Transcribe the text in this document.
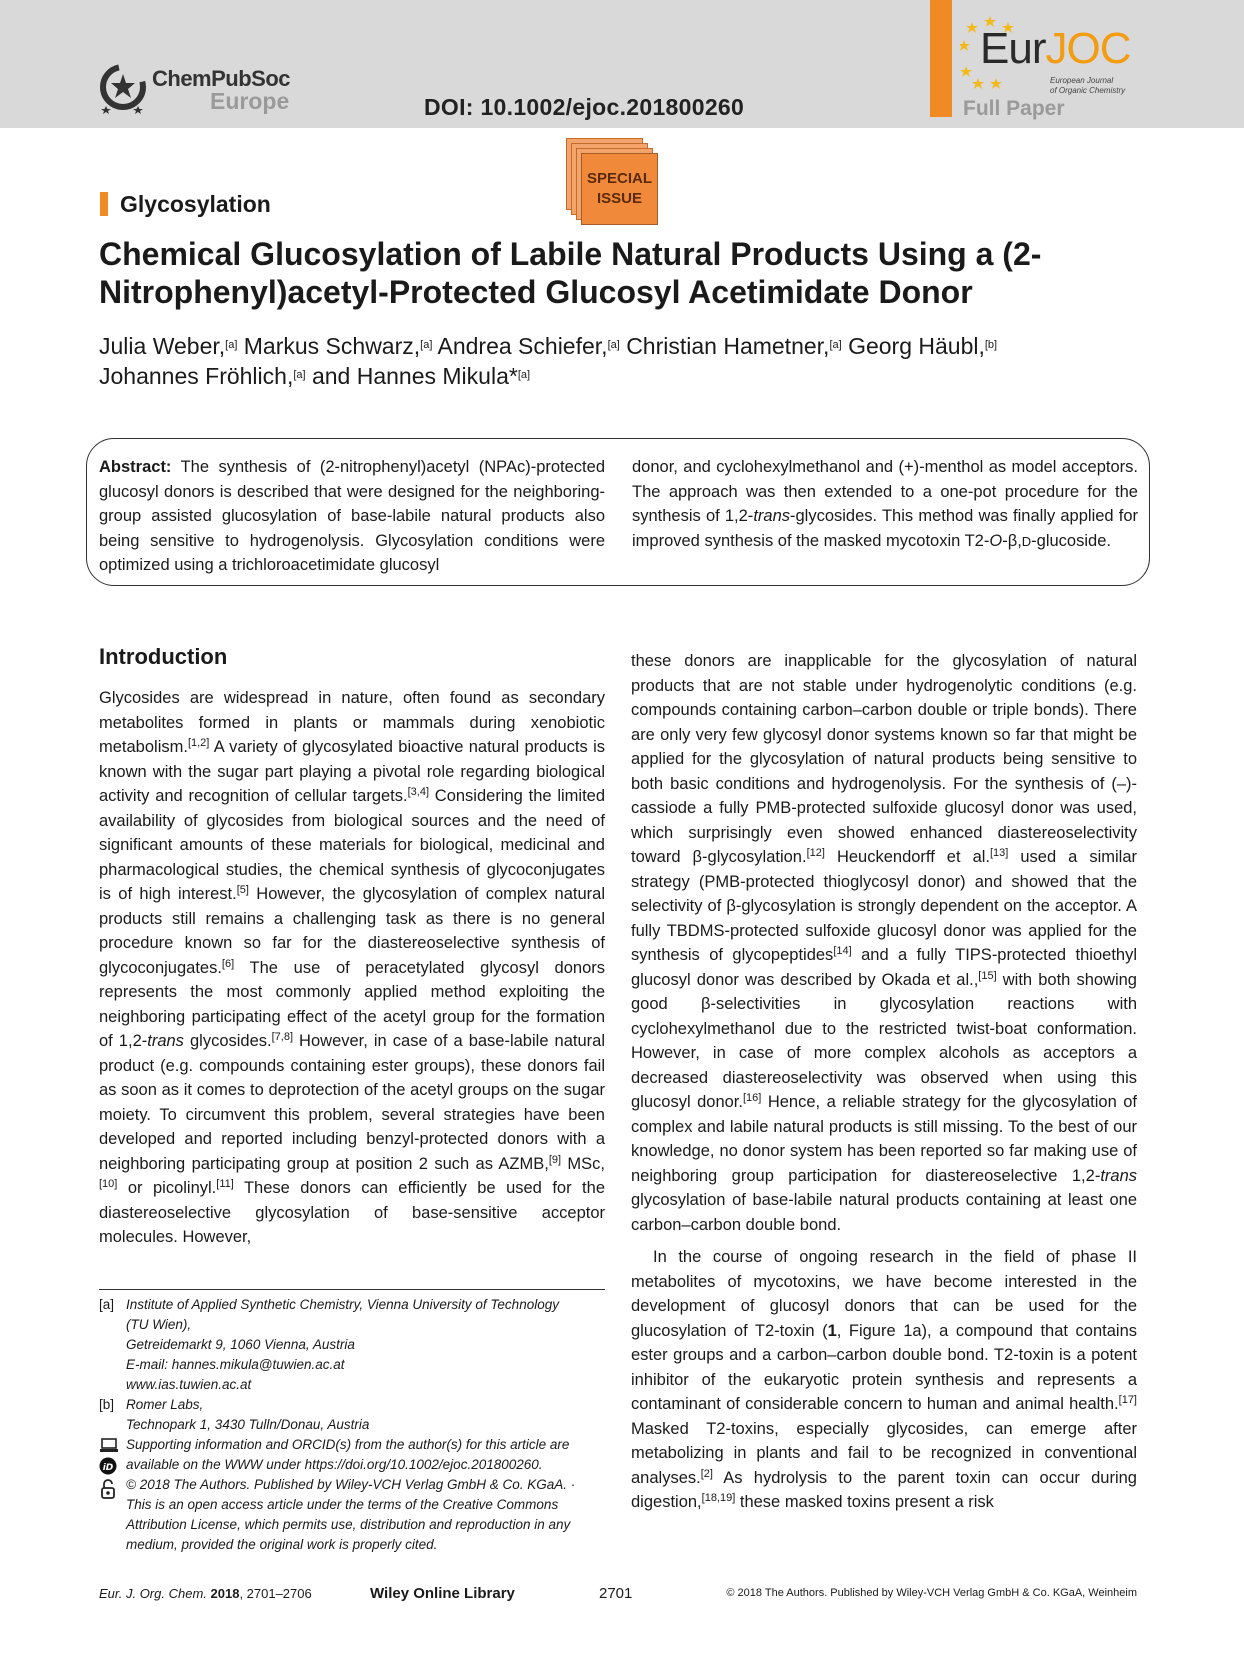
ChemPubSoc
Europe	DOI: 10.1002/ejoc.201800260
EurJOC
European Journal
of Organic Chemistry
Full Paper
SPECIAL ISSUE
Glycosylation
Chemical Glucosylation of Labile Natural Products Using a (2-Nitrophenyl)acetyl-Protected Glucosyl Acetimidate Donor
Julia Weber,[a] Markus Schwarz,[a] Andrea Schiefer,[a] Christian Hametner,[a] Georg Häubl,[b]
Johannes Fröhlich,[a] and Hannes Mikula*[a]
Abstract: The synthesis of (2-nitrophenyl)acetyl (NPAc)-protected glucosyl donors is described that were designed for the neighboring-group assisted glucosylation of base-labile natural products also being sensitive to hydrogenolysis. Glycosylation conditions were optimized using a trichloroacetimidate glucosyl
donor, and cyclohexylmethanol and (+)-menthol as model acceptors. The approach was then extended to a one-pot procedure for the synthesis of 1,2-trans-glycosides. This method was finally applied for improved synthesis of the masked mycotoxin T2-O-β,D-glucoside.
Introduction

Glycosides are widespread in nature, often found as secondary metabolites formed in plants or mammals during xenobiotic metabolism.[1,2] A variety of glycosylated bioactive natural products is known with the sugar part playing a pivotal role regarding biological activity and recognition of cellular targets.[3,4] Considering the limited availability of glycosides from biological sources and the need of significant amounts of these materials for biological, medicinal and pharmacological studies, the chemical synthesis of glycoconjugates is of high interest.[5] However, the glycosylation of complex natural products still remains a challenging task as there is no general procedure known so far for the diastereoselective synthesis of glycoconjugates.[6] The use of peracetylated glycosyl donors represents the most commonly applied method exploiting the neighboring participating effect of the acetyl group for the formation of 1,2-trans glycosides.[7,8] However, in case of a base-labile natural product (e.g. compounds containing ester groups), these donors fail as soon as it comes to deprotection of the acetyl groups on the sugar moiety. To circumvent this problem, several strategies have been developed and reported including benzyl-protected donors with a neighboring participating group at position 2 such as AZMB,[9] MSc,[10] or picolinyl.[11] These donors can efficiently be used for the diastereoselective glycosylation of base-sensitive acceptor molecules. However,

these donors are inapplicable for the glycosylation of natural products that are not stable under hydrogenolytic conditions (e.g. compounds containing carbon–carbon double or triple bonds). There are only very few glycosyl donor systems known so far that might be applied for the glycosylation of natural products being sensitive to both basic conditions and hydrogenolysis. For the synthesis of (–)-cassiode a fully PMB-protected sulfoxide glucosyl donor was used, which surprisingly even showed enhanced diastereoselectivity toward β-glycosylation.[12] Heuckendorff et al.[13] used a similar strategy (PMB-protected thioglycosyl donor) and showed that the selectivity of β-glycosylation is strongly dependent on the acceptor. A fully TBDMS-protected sulfoxide glucosyl donor was applied for the synthesis of glycopeptides[14] and a fully TIPS-protected thioethyl glucosyl donor was described by Okada et al.,[15] with both showing good β-selectivities in glycosylation reactions with cyclohexylmethanol due to the restricted twist-boat conformation. However, in case of more complex alcohols as acceptors a decreased diastereoselectivity was observed when using this glucosyl donor.[16] Hence, a reliable strategy for the glycosylation of complex and labile natural products is still missing. To the best of our knowledge, no donor system has been reported so far making use of neighboring group participation for diastereoselective 1,2-trans glycosylation of base-labile natural products containing at least one carbon–carbon double bond.

In the course of ongoing research in the field of phase II metabolites of mycotoxins, we have become interested in the development of glucosyl donors that can be used for the glucosylation of T2-toxin (1, Figure 1a), a compound that contains ester groups and a carbon–carbon double bond. T2-toxin is a potent inhibitor of the eukaryotic protein synthesis and represents a contaminant of considerable concern to human and animal health.[17] Masked T2-toxins, especially glycosides, can emerge after metabolizing in plants and fail to be recognized in conventional analyses.[2] As hydrolysis to the parent toxin can occur during digestion,[18,19] these masked toxins present a risk

[a] Institute of Applied Synthetic Chemistry, Vienna University of Technology
(TU Wien),
Getreidemarkt 9, 1060 Vienna, Austria
E-mail: hannes.mikula@tuwien.ac.at
www.ias.tuwien.ac.at
[b] Romer Labs,
Technopark 1, 3430 Tulln/Donau, Austria
Supporting information and ORCID(s) from the author(s) for this article are
iD available on the WWW under https://doi.org/10.1002/ejoc.201800260.
© 2018 The Authors. Published by Wiley-VCH Verlag GmbH & Co. KGaA. ·
This is an open access article under the terms of the Creative Commons
Attribution License, which permits use, distribution and reproduction in any
medium, provided the original work is properly cited.
Eur. J. Org. Chem. 2018, 2701–2706	Wiley Online Library	2701	© 2018 The Authors. Published by Wiley-VCH Verlag GmbH & Co. KGaA, Weinheim
